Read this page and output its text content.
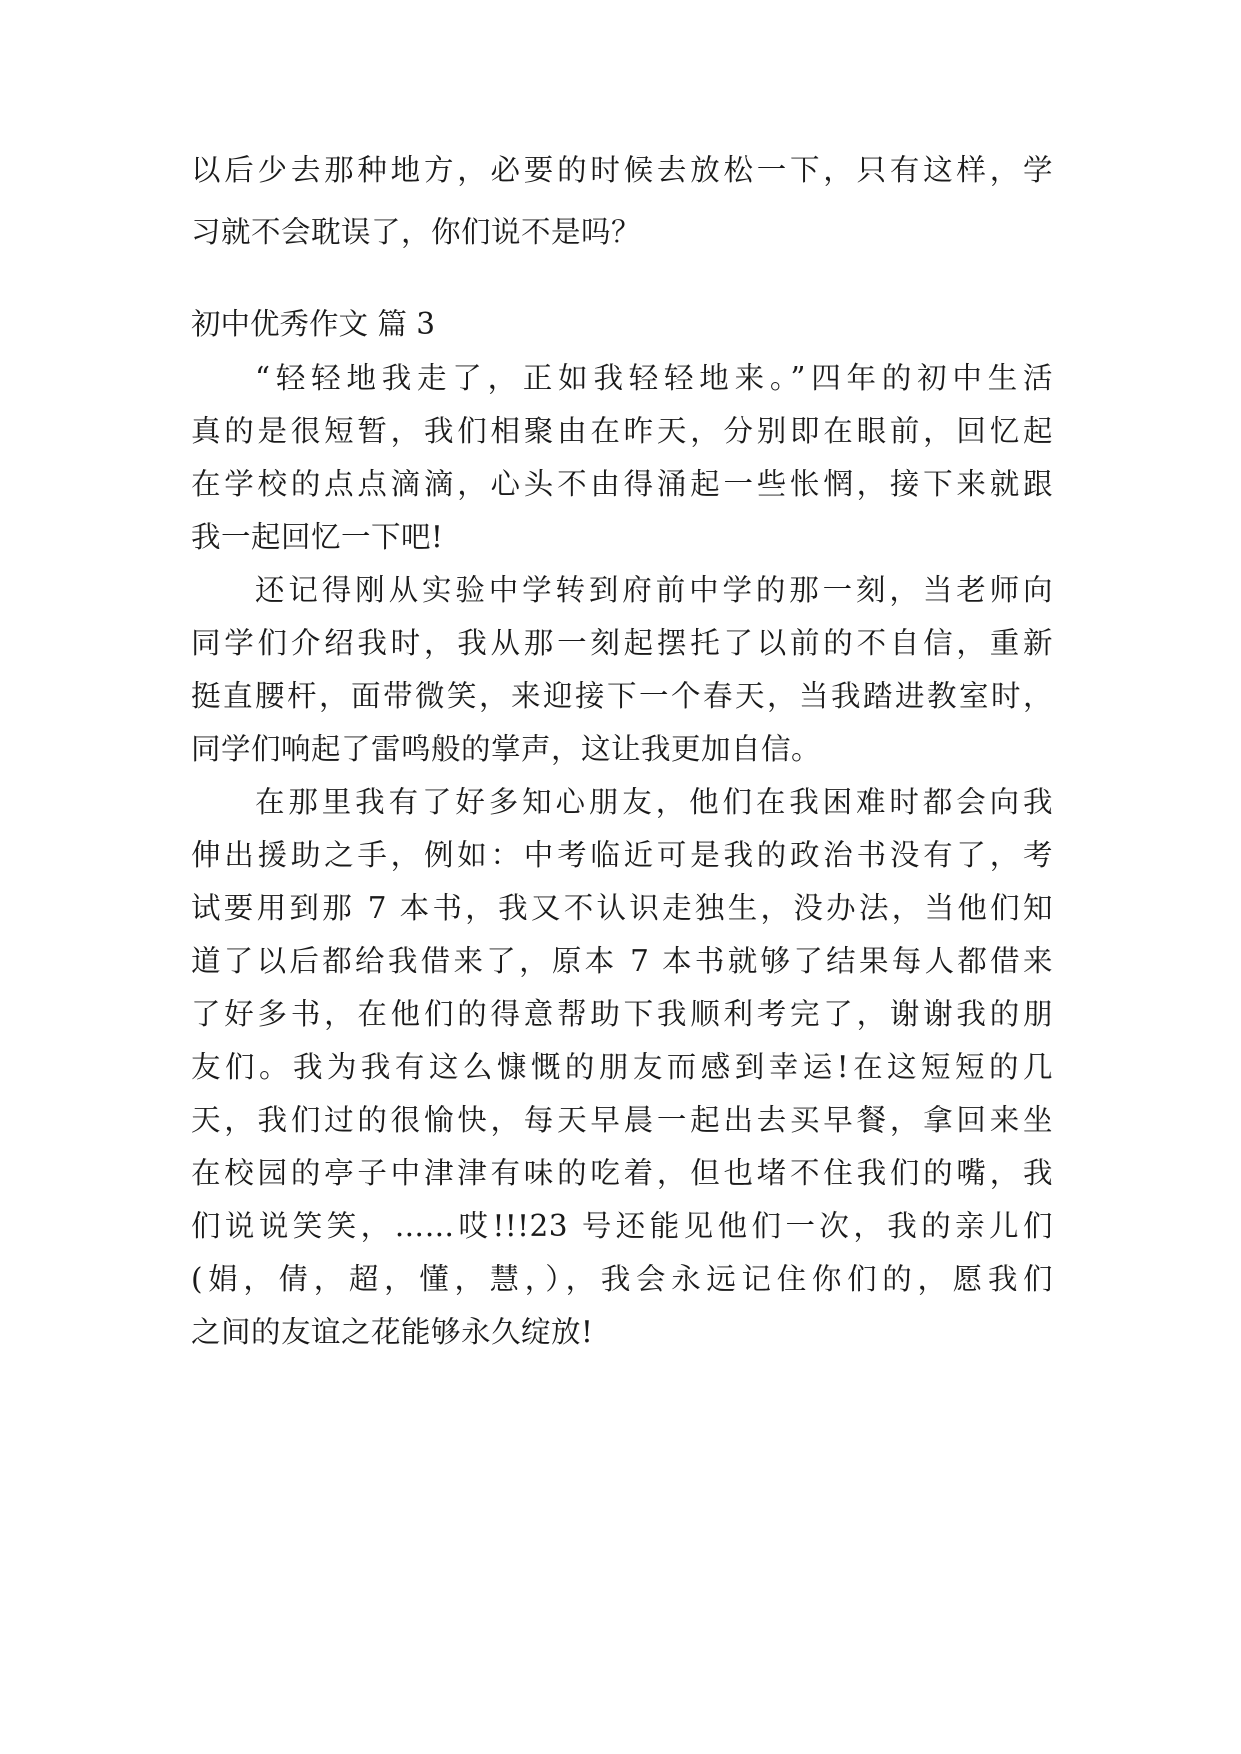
以后少去那种地方，必要的时候去放松一下，只有这样，学
习就不会耽误了，你们说不是吗？
初中优秀作文 篇 3
“轻轻地我走了，正如我轻轻地来。”四年的初中生活
真的是很短暂，我们相聚由在昨天，分别即在眼前，回忆起
在学校的点点滴滴，心头不由得涌起一些怅惘，接下来就跟
我一起回忆一下吧!
还记得刚从实验中学转到府前中学的那一刻，当老师向
同学们介绍我时，我从那一刻起摆托了以前的不自信，重新
挺直腰杆，面带微笑，来迎接下一个春天，当我踏进教室时，
同学们响起了雷鸣般的掌声，这让我更加自信。
在那里我有了好多知心朋友，他们在我困难时都会向我
伸出援助之手，例如：中考临近可是我的政治书没有了，考
试要用到那 7 本书，我又不认识走独生，没办法，当他们知
道了以后都给我借来了，原本 7 本书就够了结果每人都借来
了好多书，在他们的得意帮助下我顺利考完了，谢谢我的朋
友们。我为我有这么慷慨的朋友而感到幸运!在这短短的几
天，我们过的很愉快，每天早晨一起出去买早餐，拿回来坐
在校园的亭子中津津有味的吃着，但也堵不住我们的嘴，我
们说说笑笑，……哎!!!23 号还能见他们一次，我的亲儿们
(娟，倩，超，懂，慧，），我会永远记住你们的，愿我们
之间的友谊之花能够永久绽放!
